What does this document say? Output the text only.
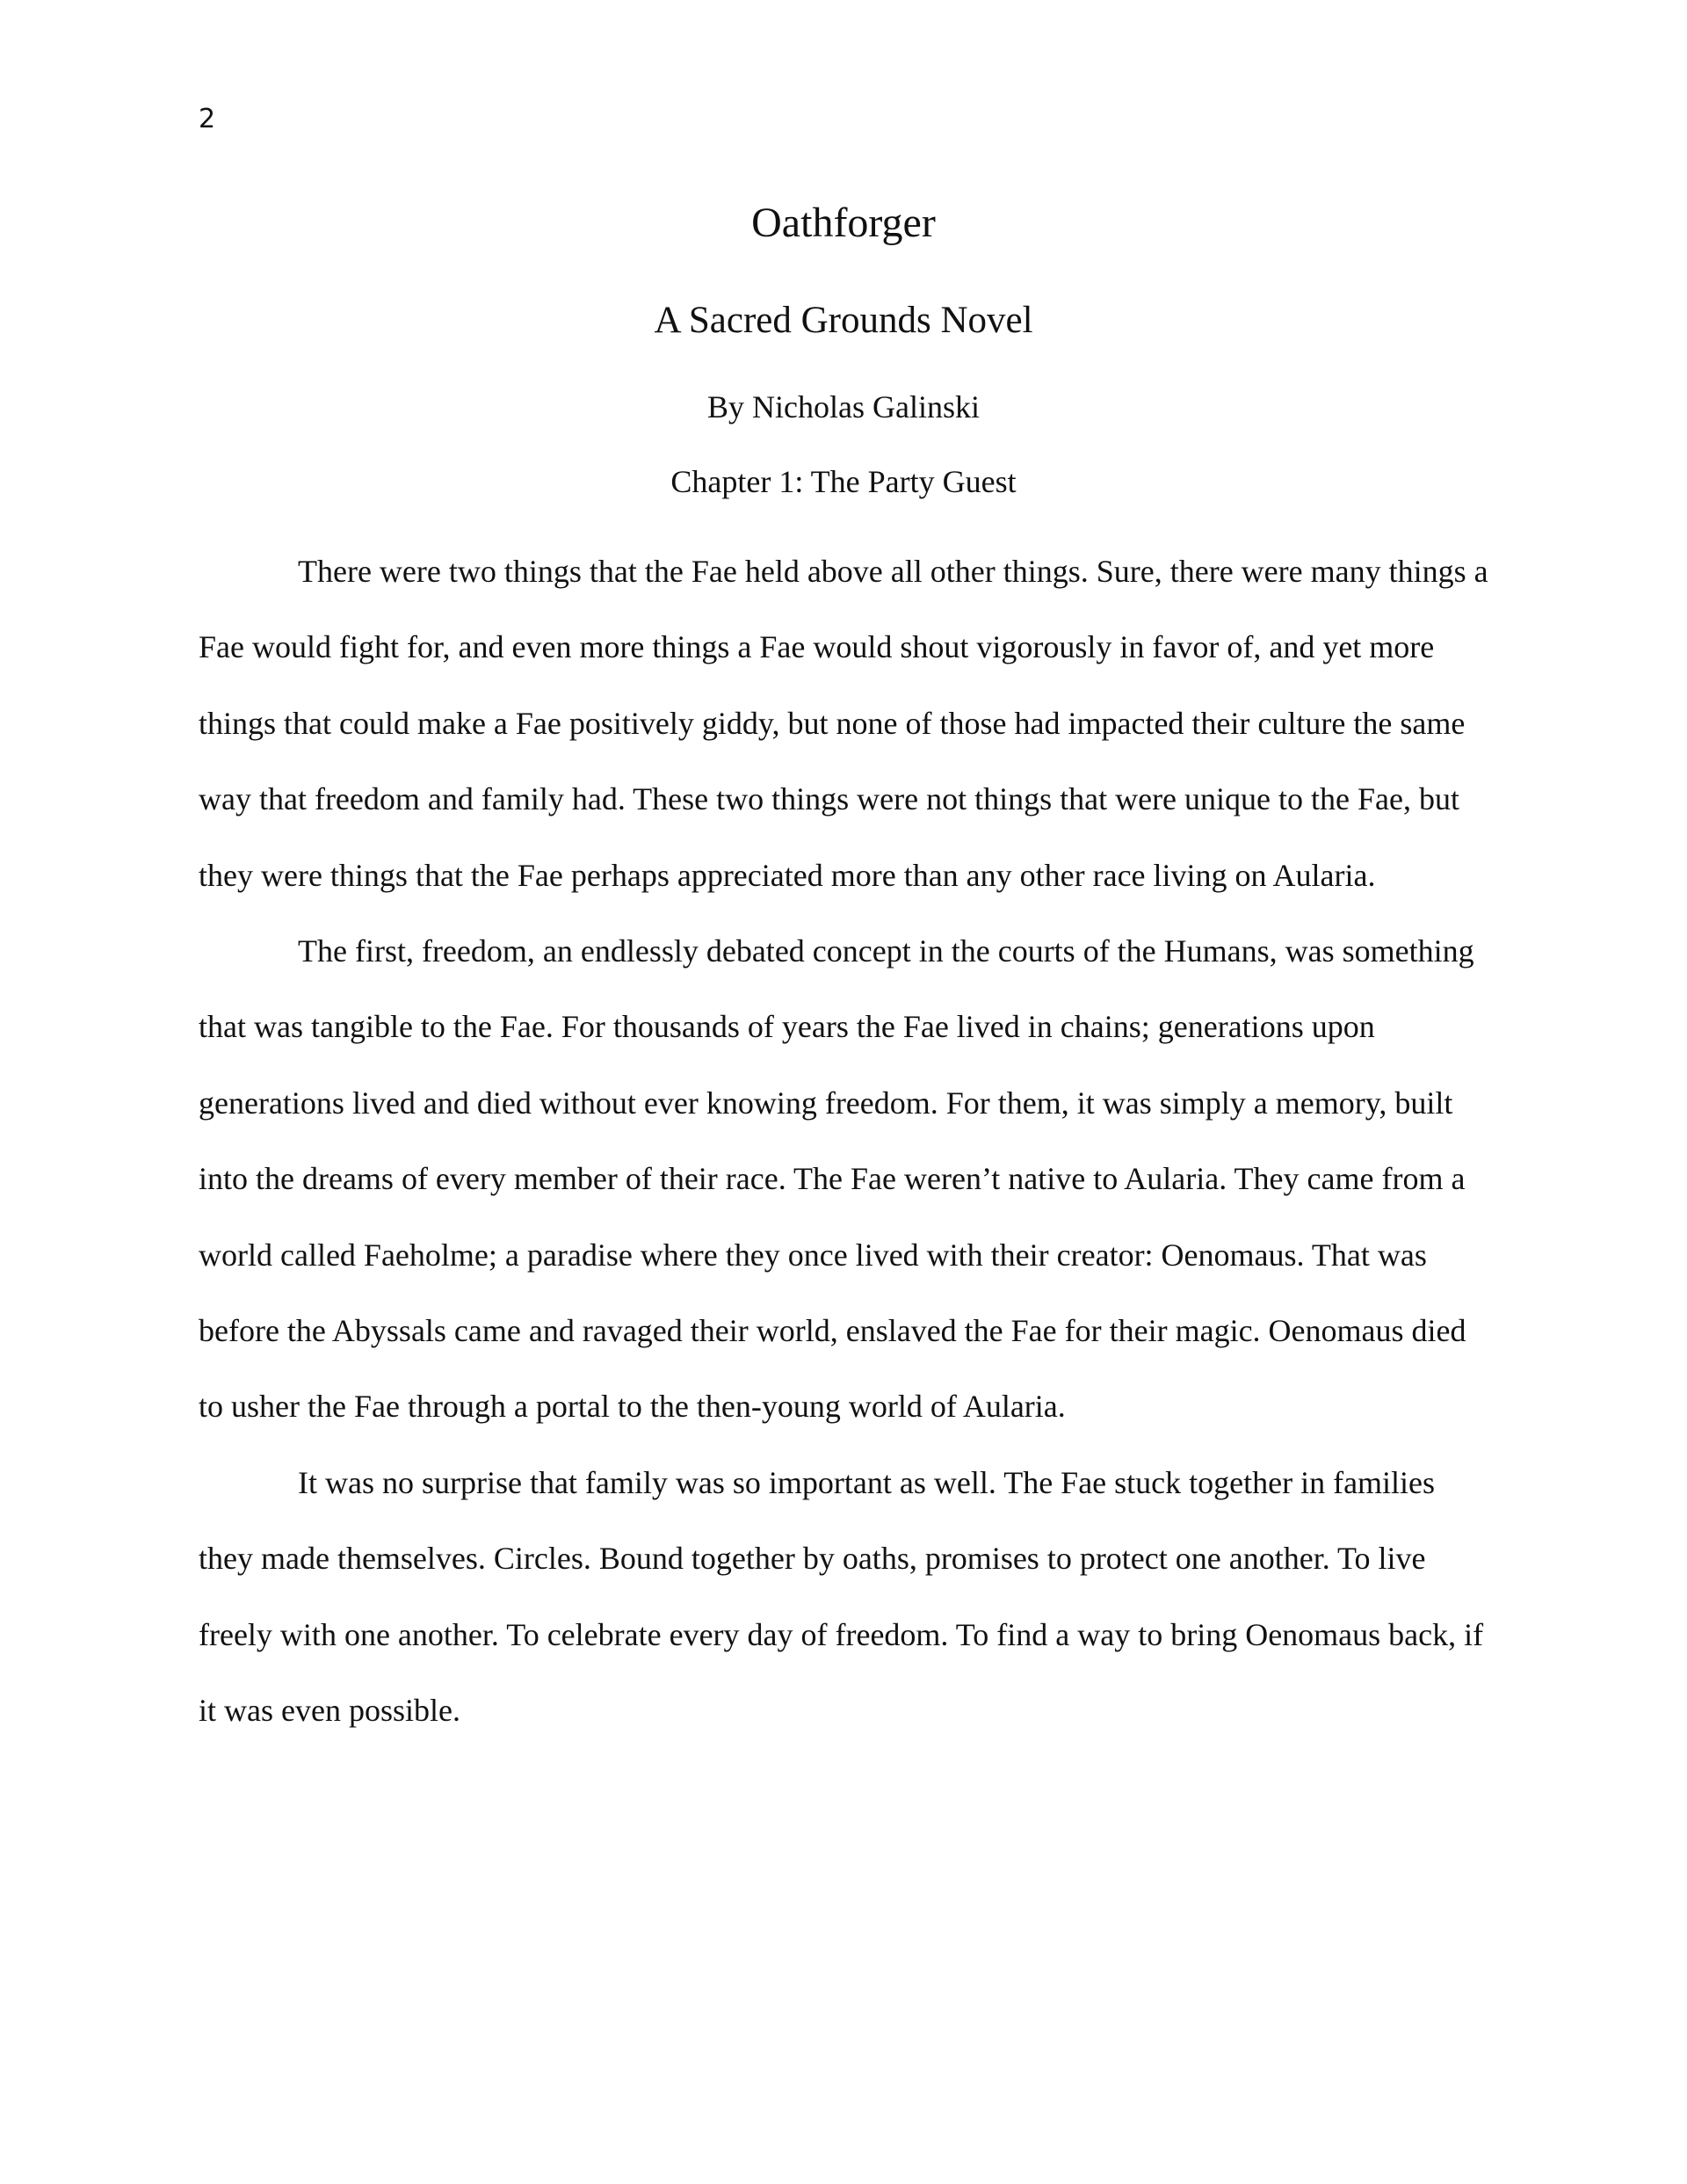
2
Oathforger
A Sacred Grounds Novel
By Nicholas Galinski
Chapter 1: The Party Guest

There were two things that the Fae held above all other things. Sure, there were many things a Fae would fight for, and even more things a Fae would shout vigorously in favor of, and yet more things that could make a Fae positively giddy, but none of those had impacted their culture the same way that freedom and family had. These two things were not things that were unique to the Fae, but they were things that the Fae perhaps appreciated more than any other race living on Aularia.

The first, freedom, an endlessly debated concept in the courts of the Humans, was something that was tangible to the Fae. For thousands of years the Fae lived in chains; generations upon generations lived and died without ever knowing freedom. For them, it was simply a memory, built into the dreams of every member of their race. The Fae weren’t native to Aularia. They came from a world called Faeholme; a paradise where they once lived with their creator: Oenomaus. That was before the Abyssals came and ravaged their world, enslaved the Fae for their magic. Oenomaus died to usher the Fae through a portal to the then-young world of Aularia.

It was no surprise that family was so important as well. The Fae stuck together in families they made themselves. Circles. Bound together by oaths, promises to protect one another. To live freely with one another. To celebrate every day of freedom. To find a way to bring Oenomaus back, if it was even possible.
